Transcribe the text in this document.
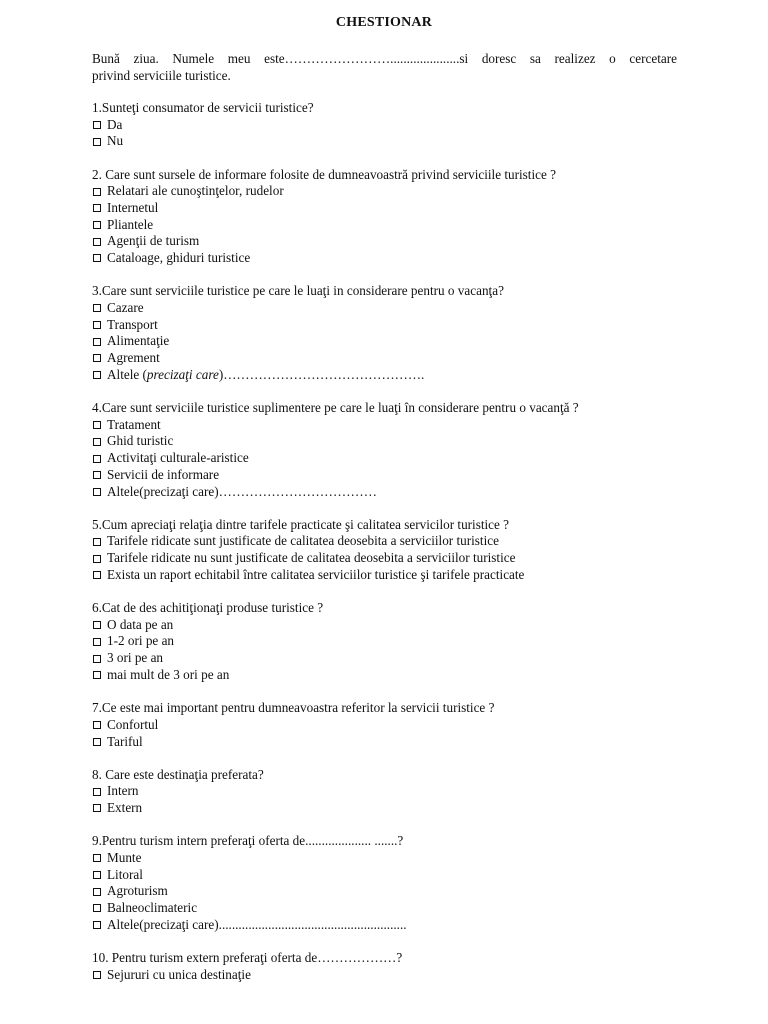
CHESTIONAR
Bună ziua. Numele meu este…………………….....................si doresc sa realizez o cercetare
privind serviciile turistice.
1.Sunteţi consumator de servicii turistice?
Da
Nu
2. Care sunt sursele de informare folosite de dumneavoastră privind serviciile turistice ?
Relatari ale cunoştinţelor, rudelor
Internetul
Pliantele
Agenţii de turism
Cataloage, ghiduri turistice
3.Care sunt serviciile turistice pe care le luaţi in considerare pentru o vacanţa?
Cazare
Transport
Alimentaţie
Agrement
Altele ( precizaţi care )……………………………………….
4.Care sunt serviciile turistice suplimentere pe care le luaţi în considerare pentru o vacanţă ?
Tratament
Ghid turistic
Activitaţi culturale-aristice
Servicii de informare
Altele(precizaţi care)………………………………
5.Cum apreciaţi relaţia dintre tarifele practicate şi calitatea servicilor turistice ?
Tarifele ridicate sunt justificate de calitatea deosebita a serviciilor turistice
Tarifele ridicate nu sunt justificate de calitatea deosebita a serviciilor turistice
Exista un raport echitabil între calitatea serviciilor turistice şi tarifele practicate
6.Cat de des achitiţionaţi produse turistice ?
O data pe an
1-2 ori pe an
3 ori pe an
mai mult de 3 ori pe an
7.Ce este mai important pentru dumneavoastra referitor la servicii turistice ?
Confortul
Tariful
8. Care este destinaţia preferata?
Intern
Extern
9.Pentru turism intern preferaţi oferta de.................... .......?
Munte
Litoral
Agroturism
Balneoclimateric
Altele(precizaţi care).........................................................
10. Pentru turism extern preferaţi oferta de………………?
Sejururi cu unica destinaţie
